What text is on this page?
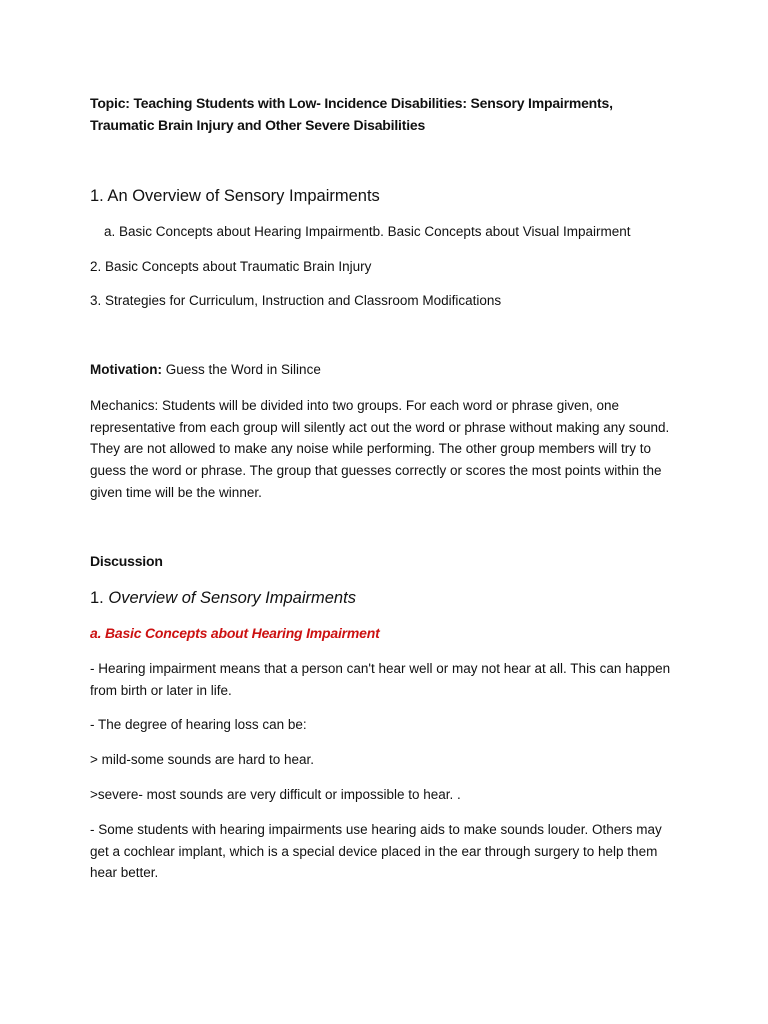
Topic: Teaching Students with Low- Incidence Disabilities: Sensory Impairments, Traumatic Brain Injury and Other Severe Disabilities

1. An Overview of Sensory Impairments

a. Basic Concepts about Hearing Impairmentb. Basic Concepts about Visual Impairment

2. Basic Concepts about Traumatic Brain Injury

3. Strategies for Curriculum, Instruction and Classroom Modifications

Motivation: Guess the Word in Silince

Mechanics: Students will be divided into two groups. For each word or phrase given, one representative from each group will silently act out the word or phrase without making any sound. They are not allowed to make any noise while performing. The other group members will try to guess the word or phrase. The group that guesses correctly or scores the most points within the given time will be the winner.

Discussion

1. Overview of Sensory Impairments

a. Basic Concepts about Hearing Impairment

- Hearing impairment means that a person can't hear well or may not hear at all. This can happen from birth or later in life.

- The degree of hearing loss can be:

> mild-some sounds are hard to hear.

>severe- most sounds are very difficult or impossible to hear. .

- Some students with hearing impairments use hearing aids to make sounds louder. Others may get a cochlear implant, which is a special device placed in the ear through surgery to help them hear better.
